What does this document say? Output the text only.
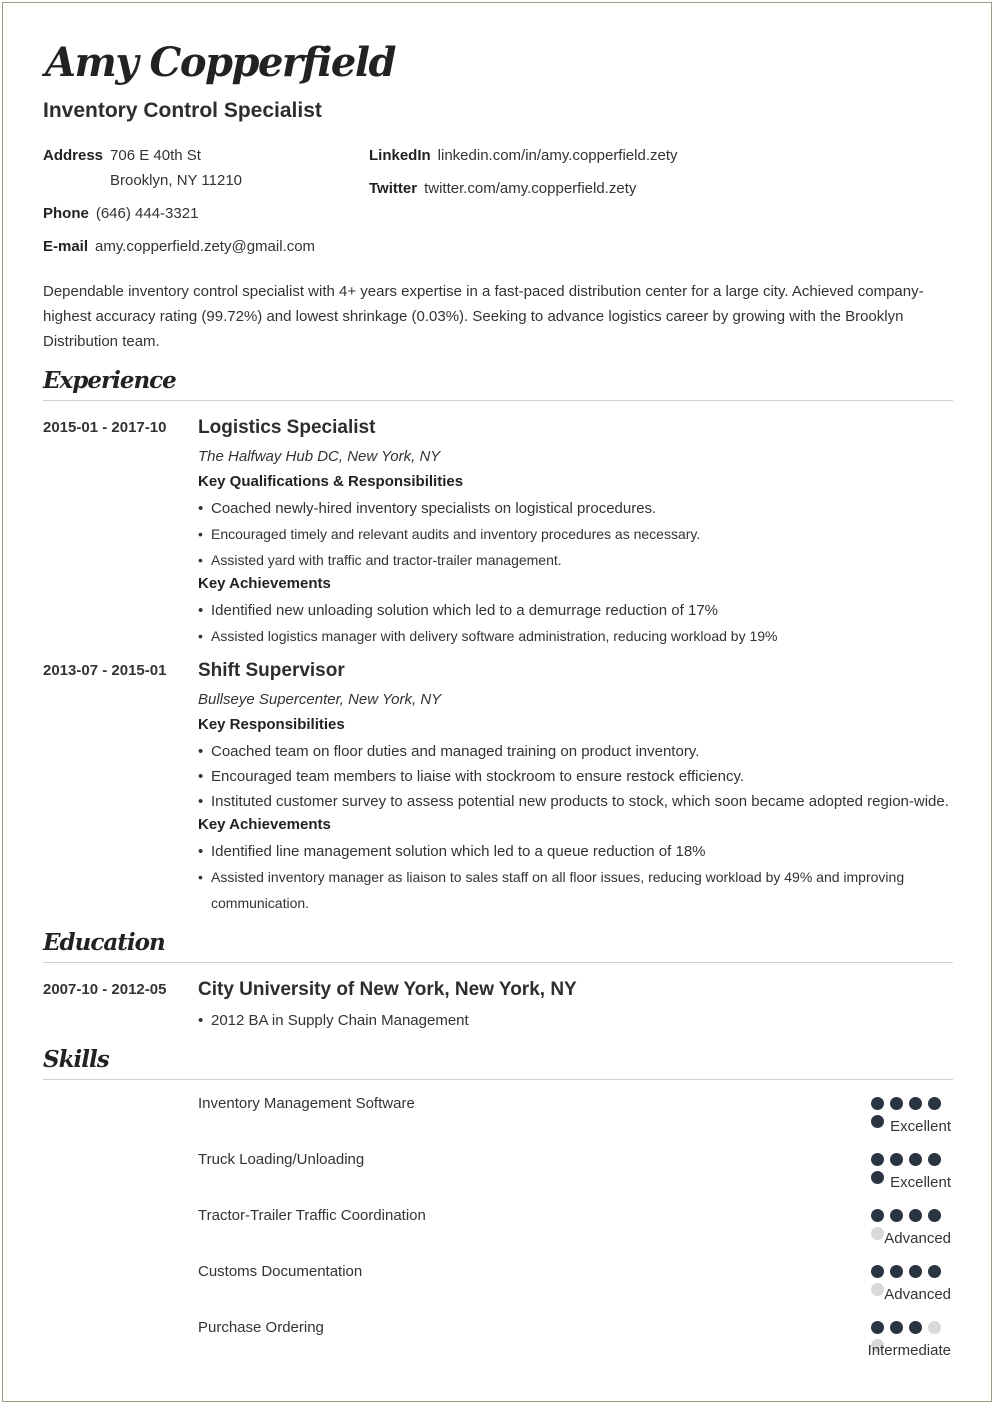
Amy Copperfield
Inventory Control Specialist
Address 706 E 40th St
Brooklyn, NY 11210
Phone (646) 444-3321
E-mail amy.copperfield.zety@gmail.com
LinkedIn linkedin.com/in/amy.copperfield.zety
Twitter twitter.com/amy.copperfield.zety

Dependable inventory control specialist with 4+ years expertise in a fast-paced distribution center for a large city. Achieved company-highest accuracy rating (99.72%) and lowest shrinkage (0.03%). Seeking to advance logistics career by growing with the Brooklyn Distribution team.

Experience
2015-01 - 2017-10 Logistics Specialist
The Halfway Hub DC, New York, NY
Key Qualifications & Responsibilities
• Coached newly-hired inventory specialists on logistical procedures.
• Encouraged timely and relevant audits and inventory procedures as necessary.
• Assisted yard with traffic and tractor-trailer management.
Key Achievements
• Identified new unloading solution which led to a demurrage reduction of 17%
• Assisted logistics manager with delivery software administration, reducing workload by 19%
2013-07 - 2015-01 Shift Supervisor
Bullseye Supercenter, New York, NY
Key Responsibilities
• Coached team on floor duties and managed training on product inventory.
• Encouraged team members to liaise with stockroom to ensure restock efficiency.
• Instituted customer survey to assess potential new products to stock, which soon became adopted region-wide.
Key Achievements
• Identified line management solution which led to a queue reduction of 18%
• Assisted inventory manager as liaison to sales staff on all floor issues, reducing workload by 49% and improving communication.
Education
2007-10 - 2012-05 City University of New York, New York, NY
• 2012 BA in Supply Chain Management
Skills
Inventory Management Software
Excellent
Truck Loading/Unloading
Excellent
Tractor-Trailer Traffic Coordination
Advanced
Customs Documentation
Advanced
Purchase Ordering
Intermediate
